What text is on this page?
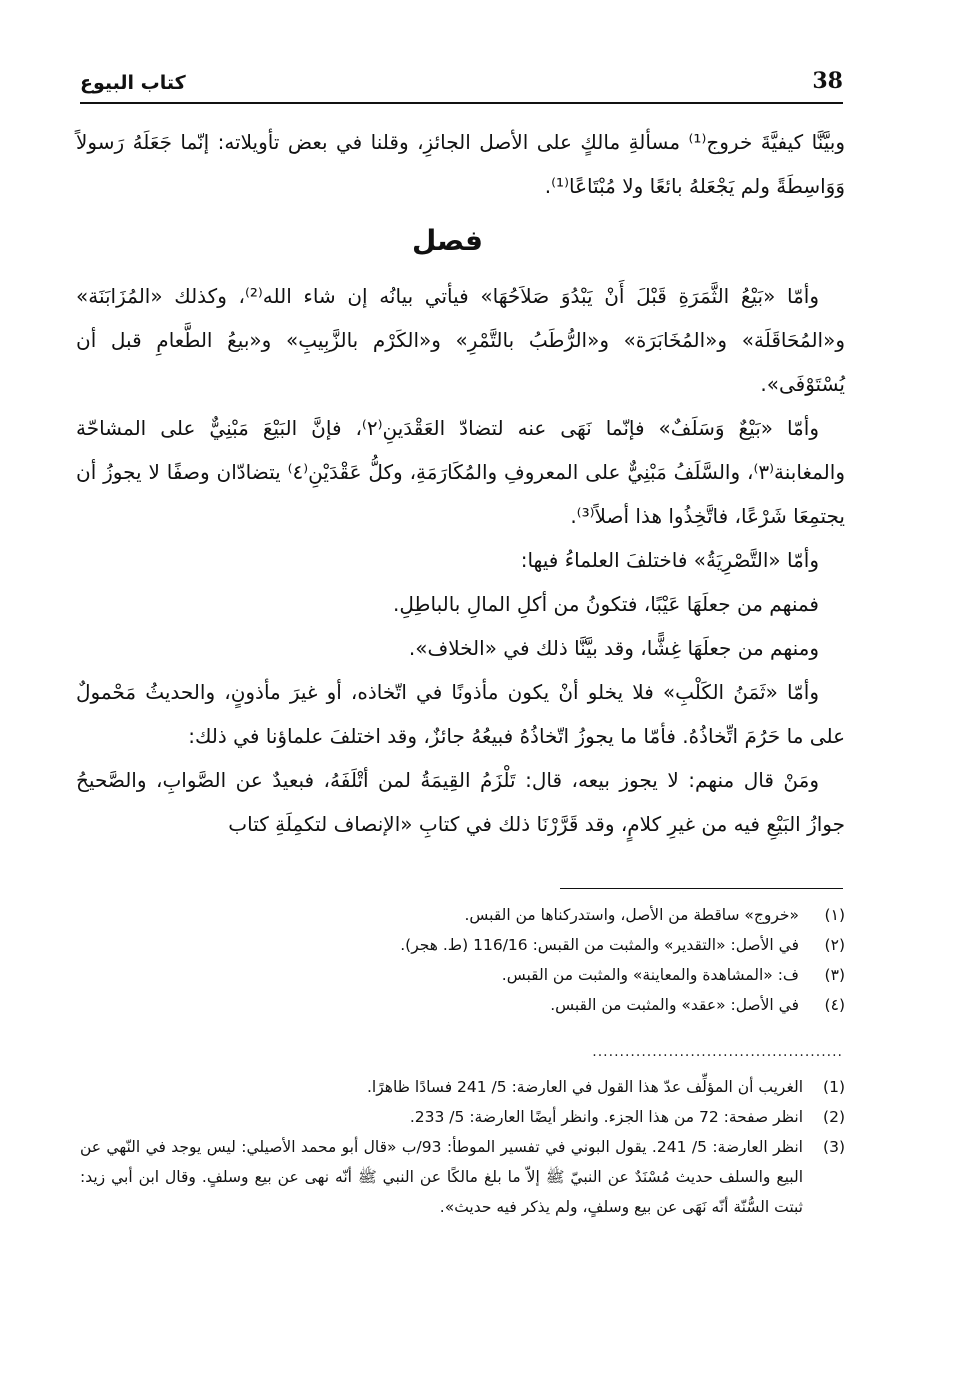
38
كتاب البيوع

وبيَّنَّا كيفيَّةَ خروج⁽¹⁾ مسألةِ مالكٍ على الأصل الجائزِ، وقلنا في بعض تأويلاته: إنّما جَعَلَهُ رَسولاً وَوَاسِطَةً ولم يَجْعَلهُ بائعًا ولا مُبْتَاعًا⁽¹⁾.

فصل

وأمّا «بَيْعُ الثَّمَرَةِ قَبْلَ أَنْ يَبْدُوَ صَلاَحُهَا» فيأتي بيانُه إن شاء الله⁽²⁾، وكذلك «المُزَابَنَة» و«المُحَاقَلَة» و«المُخَابَرَة» و«الرُّطَبُ بالتَّمْرِ» و«الكَرْم بالزَّبِيبِ» و«بيعُ الطَّعامِ قبل أن يُسْتَوْفَى».

وأمّا «بَيْعٌ وَسَلَفٌ» فإنّما نَهَى عنه لتضادّ العَقْدَينِ⁽٢⁾، فإنَّ البَيْعَ مَبْنِيٌّ على المشاحّة والمغابنة⁽٣⁾، والسَّلَفُ مَبْنِيٌّ على المعروفِ والمُكَارَمَةِ، وكلُّ عَقْدَيْنِ⁽٤⁾ يتضادّان وصفًا لا يجوزُ أن يجتمِعَا شَرْعًا، فاتَّخِذُوا هذا أصلاً⁽³⁾.

وأمّا «التَّصْرِيَةُ» فاختلفَ العلماءُ فيها:

فمنهم من جعلَهَا عَيْبًا، فتكونُ من أكلِ المالِ بالباطِلِ.

ومنهم من جعلَهَا غِشًّا، وقد بيَّنَّا ذلك في «الخلاف».

وأمّا «ثَمَنُ الكَلْبِ» فلا يخلو أنْ يكون مأذونًا في اتّخاذه، أو غيرَ مأذونٍ، والحديثُ مَحْمولٌ على ما حَرُمَ اتِّخاذُهُ. فأمّا ما يجوزُ اتّخاذُهُ فبيعُهُ جائزٌ، وقد اختلفَ علماؤنا في ذلك:

ومَنْ قال منهم: لا يجوز بيعه، قال: تَلْزَمُ القِيمَةُ لمن أتْلَفَهُ، فبعيدٌ عن الصَّوابِ، والصَّحيحُ جوازُ البَيْعِ فيه من غيرِ كلامٍ، وقد قَرَّرْنَا ذلك في كتابِ «الإنصاف لتكمِلَةِ كتاب

(١)
«خروج» ساقطة من الأصل، واستدركناها من القبس.
(٢)
في الأصل: «التقدير» والمثبت من القبس: 116/16 (ط. هجر).
(٣)
ف: «المشاهدة والمعاينة» والمثبت من القبس.
(٤)
في الأصل: «عقد» والمثبت من القبس.
..............................................
(1)
الغريب أن المؤلِّف عدّ هذا القول في العارضة: 5/ 241 فسادًا ظاهرًا.
(2)
انظر صفحة: 72 من هذا الجزء. وانظر أيضًا العارضة: 5/ 233.
(3)
انظر العارضة: 5/ 241. يقول البوني في تفسير الموطأ: 93/ب «قال أبو محمد الأصيلي: ليس يوجد في النّهي عن البيع والسلف حديث مُسْنَدٌ عن النبيّ ﷺ إلاّ ما بلغ مالكًا عن النبي ﷺ أنّه نهى عن بيع وسلفٍ. وقال ابن أبي زيد: ثبتت السُّنّة أنّه نَهَى عن بيع وسلفٍ، ولم يذكر فيه حديث».
